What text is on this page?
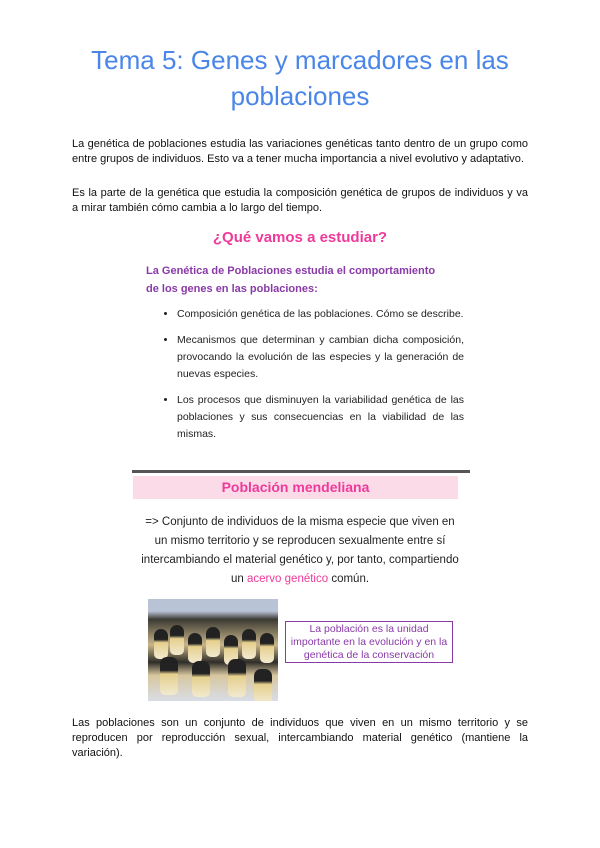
Tema 5: Genes y marcadores en las poblaciones

La genética de poblaciones estudia las variaciones genéticas tanto dentro de un grupo como entre grupos de individuos. Esto va a tener mucha importancia a nivel evolutivo y adaptativo.

Es la parte de la genética que estudia la composición genética de grupos de individuos y va a mirar también cómo cambia a lo largo del tiempo.

¿Qué vamos a estudiar?
La Genética de Poblaciones estudia el comportamiento de los genes en las poblaciones:
• Composición genética de las poblaciones. Cómo se describe.
• Mecanismos que determinan y cambian dicha composición, provocando la evolución de las especies y la generación de nuevas especies.
• Los procesos que disminuyen la variabilidad genética de las poblaciones y sus consecuencias en la viabilidad de las mismas.
Población mendeliana
=> Conjunto de individuos de la misma especie que viven en un mismo territorio y se reproducen sexualmente entre sí intercambiando el material genético y, por tanto, compartiendo un acervo genético común.
La población es la unidad importante en la evolución y en la genética de la conservación

Las poblaciones son un conjunto de individuos que viven en un mismo territorio y se reproducen por reproducción sexual, intercambiando material genético (mantiene la variación).
